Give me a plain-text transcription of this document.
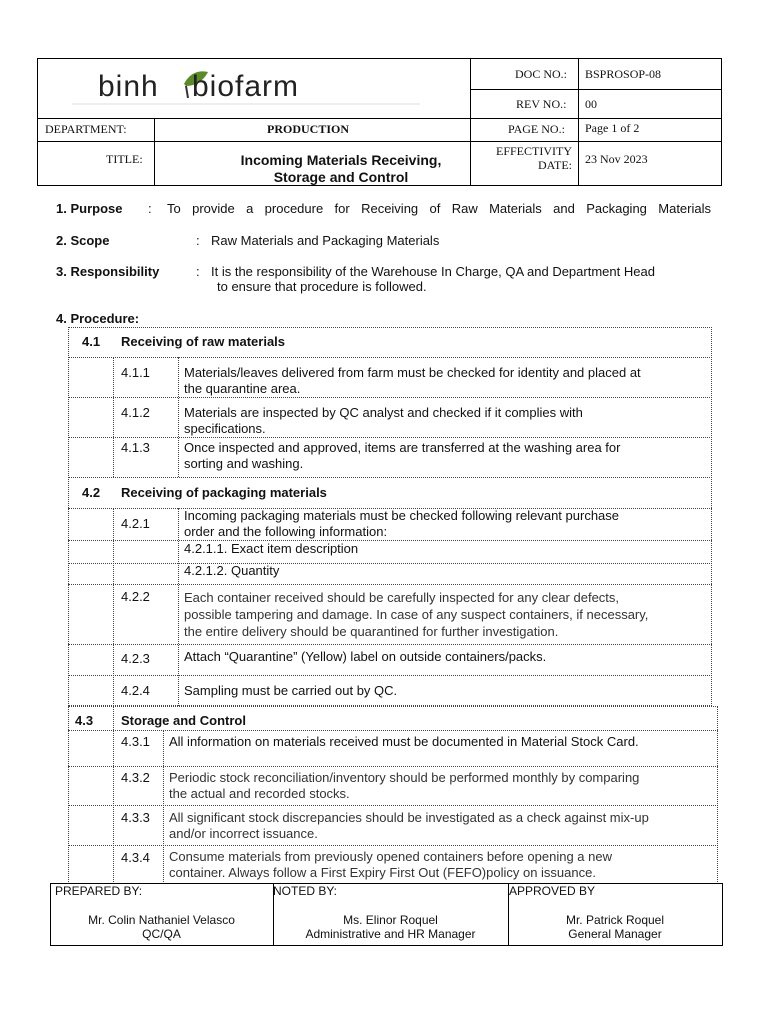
binh biofarm	DOC NO.: BSPROSOP-08
REV NO.: 00
DEPARTMENT:	PRODUCTION	PAGE NO.: Page 1 of 2
TITLE:	Incoming Materials Receiving,
Storage and Control
EFFECTIVITY
DATE: 23 Nov 2023
1. Purpose : To provide a procedure for Receiving of Raw Materials and Packaging Materials
2. Scope	: Raw Materials and Packaging Materials
3. Responsibility	: It is the responsibility of the Warehouse In Charge, QA and Department Head
to ensure that procedure is followed.
4. Procedure:
4.1 Receiving of raw materials
4.1.1	Materials/leaves delivered from farm must be checked for identity and placed at
the quarantine area.
4.1.2	Materials are inspected by QC analyst and checked if it complies with
specifications.
4.1.3	Once inspected and approved, items are transferred at the washing area for
sorting and washing.
4.2 Receiving of packaging materials
4.2.1
Incoming packaging materials must be checked following relevant purchase
order and the following information:
4.2.1.1. Exact item description
4.2.1.2. Quantity
4.2.2	Each container received should be carefully inspected for any clear defects,
possible tampering and damage. In case of any suspect containers, if necessary,
the entire delivery should be quarantined for further investigation.
4.2.3	Attach “Quarantine” (Yellow) label on outside containers/packs.
4.2.4	Sampling must be carried out by QC.
4.3 Storage and Control
4.3.1 All information on materials received must be documented in Material Stock Card.
4.3.2 Periodic stock reconciliation/inventory should be performed monthly by comparing
the actual and recorded stocks.
4.3.3 All significant stock discrepancies should be investigated as a check against mix-up
and/or incorrect issuance.
4.3.4 Consume materials from previously opened containers before opening a new
container. Always follow a First Expiry First Out (FEFO)policy on issuance.
PREPARED BY:
Mr. Colin Nathaniel Velasco
QC/QA
NOTED BY:
Ms. Elinor Roquel
Administrative and HR Manager
APPROVED BY
Mr. Patrick Roquel
General Manager
